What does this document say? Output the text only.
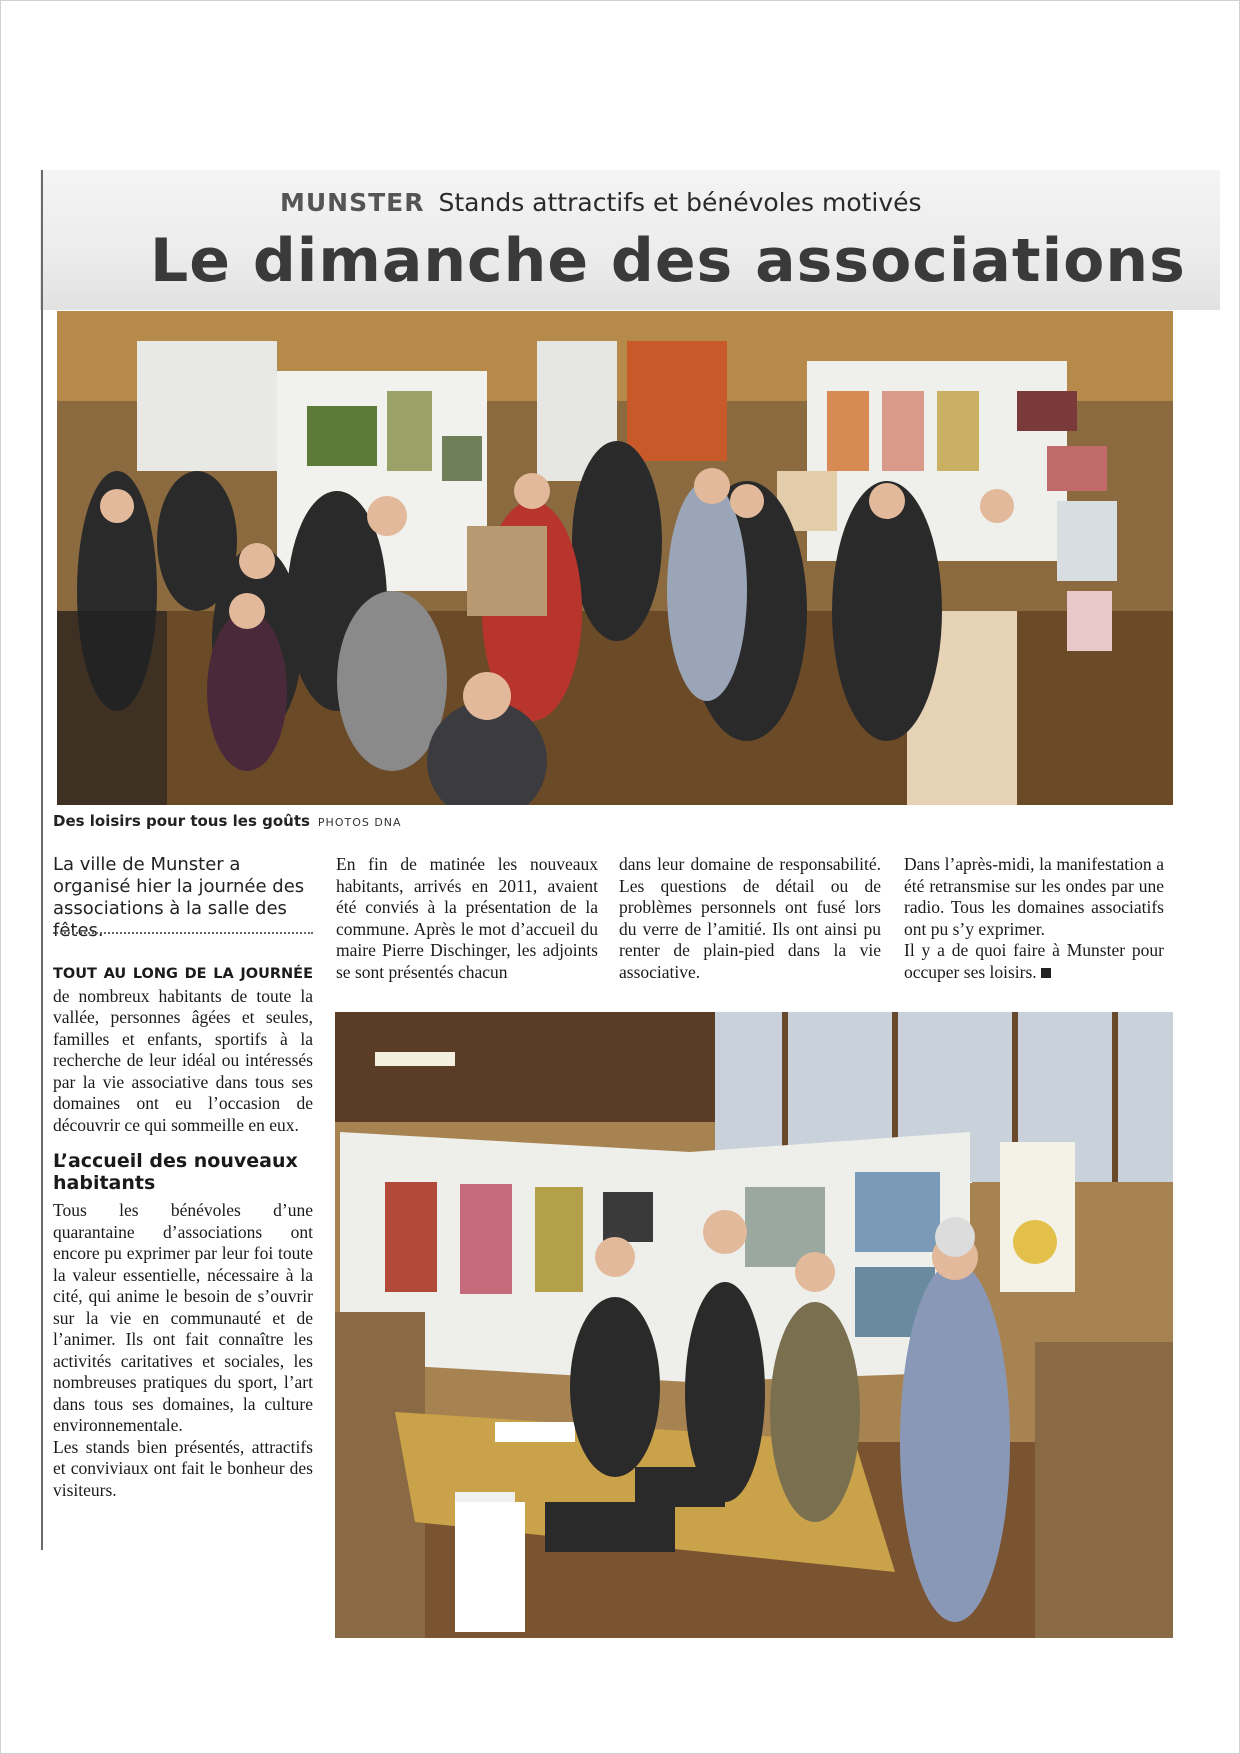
MUNSTER Stands attractifs et bénévoles motivés
Le dimanche des associations
Des loisirs pour tous les goûts PHOTOS DNA
La ville de Munster a organisé hier la journée des associations à la salle des fêtes.

TOUT AU LONG DE LA JOURNÉE de nombreux habitants de toute la vallée, personnes âgées et seules, familles et enfants, sportifs à la recherche de leur idéal ou intéressés par la vie associative dans tous ses domaines ont eu l’occasion de découvrir ce qui sommeille en eux.

L’accueil des nouveaux habitants

Tous les bénévoles d’une quarantaine d’associations ont encore pu exprimer par leur foi toute la valeur essentielle, nécessaire à la cité, qui anime le besoin de s’ouvrir sur la vie en communauté et de l’animer. Ils ont fait connaître les activités caritatives et sociales, les nombreuses pratiques du sport, l’art dans tous ses domaines, la culture environnementale.

Les stands bien présentés, attractifs et conviviaux ont fait le bonheur des visiteurs.

En fin de matinée les nouveaux habitants, arrivés en 2011, avaient été conviés à la présentation de la commune. Après le mot d’accueil du maire Pierre Dischinger, les adjoints se sont présentés chacun

dans leur domaine de responsabilité. Les questions de détail ou de problèmes personnels ont fusé lors du verre de l’amitié. Ils ont ainsi pu renter de plain-pied dans la vie associative.

Dans l’après-midi, la manifestation a été retransmise sur les ondes par une radio. Tous les domaines associatifs ont pu s’y exprimer.

Il y a de quoi faire à Munster pour occuper ses loisirs.
